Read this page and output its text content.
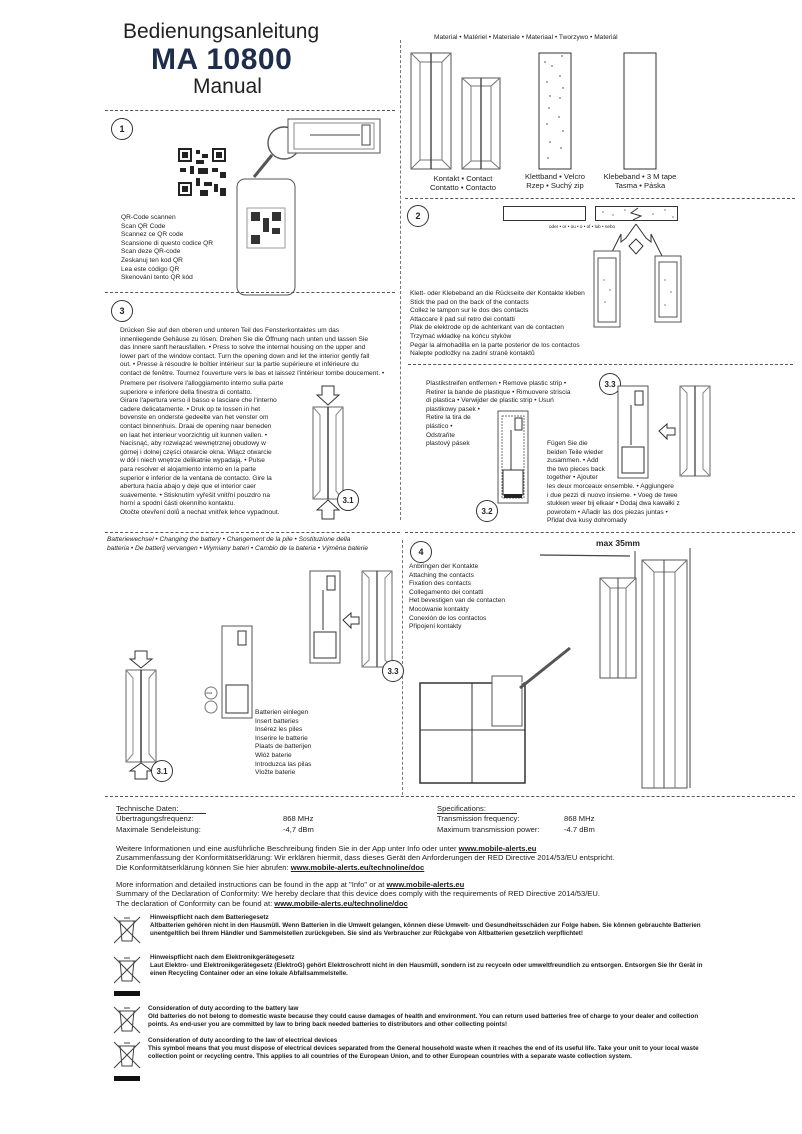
Bedienungsanleitung
MA 10800
Manual
Material • Matériel • Materiale • Materiaal • Tworzywo • Materiál
Kontakt • Contact
Contatto • Contacto
Klettband • Velcro
Rzep • Suchý zip
Klebeband • 3 M tape
Tasma • Páska
1
QR-Code scannen
Scan QR Code
Scannez ce QR code
Scansione di questo codice QR
Scan deze QR-code
Zeskanuj ten kod QR
Lea este código QR
Skenování tento QR kód
2
oder • or • ou • o • of • lub • nebo
Klett- oder Klebeband an die Rückseite der Kontakte kleben
Stick the pad on the back of the contacts
Collez le tampon sur le dos des contacts
Attaccare il pad sul retro dei contatti
Plak de elektrode op de achterkant van de contacten
Trzymać wkładkę na końcu styków
Pegar la almohadilla en la parte posterior de los contactos
Nalepte podložky na zadní straně kontaktů
3
Drücken Sie auf den oberen und unteren Teil des Fensterkontaktes um das
innenliegende Gehäuse zu lösen. Drehen Sie die Öffnung nach unten und lassen Sie
das Innere sanft herausfallen. • Press to solve the internal housing on the upper and
lower part of the window contact. Turn the opening down and let the interior gently fall
out. • Presse à résoudre le boîtier intérieur sur la partie supérieure et inférieure du
contact de fenêtre. Tournez l'ouverture vers le bas et laissez l'intérieur tombe doucement. •
Premere per risolvere l'alloggiamento interno sulla parte
superiore e inferiore della finestra di contatto.
Girare l'apertura verso il basso e lasciare che l'interno
cadere delicatamente. • Druk op te lossen in het
bovenste en onderste gedeelte van het venster om
contact binnenhuis. Draai de opening naar beneden
en laat het interieur voorzichtig uit kunnen vallen. •
Nacisnąć, aby rozwiązać wewnętrznej obudowy w
górnej i dolnej części otwarcie okna. Włącz otwarcie
w dół i niech wnętrze delikatnie wypadają. • Pulse
para resolver el alojamiento interno en la parte
superior e inferior de la ventana de contacto. Gire la
abertura hacia abajo y deje que el interior caer
suavemente. • Stisknutím vyřešit vnitřní pouzdro na
horní a spodní části okenního kontaktu.
Otočte otevření dolů a nechat vnitřek lehce vypadnout.
3.1
Plastikstreifen entfernen • Remove plastic strip •
Retirer la bande de plastique • Rimuovere striscia
di plastica • Verwijder de plastic strip • Usuń
plastikowy pasek •
Retire la tira de
plástico •
Odstraňte
plastový pásek
3.2
Fügen Sie die
beiden Teile wieder
zusammen. • Add
the two pieces back
together • Ajouter
les deux morceaux ensemble. • Aggiungere
i due pezzi di nuovo insieme. • Voeg de twee
stukken weer bij elkaar • Dodaj dwa kawałki z
powrotem • Añadir las dos piezas juntas •
Přidat dva kusy dohromady
3.3
Batteriewechsel • Changing the battery • Changement de la pile • Sostituzione della
batteria • De batterij vervangen • Wymiany bateri • Cambio de la bateria • Výměna baterie
3.3
LR44
Batterien einlegen
Insert batteries
Insérez les piles
Inserire le batterie
Plaats de batterijen
Włóż baterie
Introduzca las pilas
Vložte baterie
3.1
4
max 35mm
Anbringen der Kontakte
Attaching the contacts
Fixation des contacts
Collegamento dei contatti
Het bevestigen van de contacten
Mocowanie kontakty
Conexión de los contactos
Připojení kontakty
Technische Daten:
Übertragungsfrequenz:	868 MHz
Maximale Sendeleistung:	-4,7 dBm
Specifications:
Transmission frequency:	868 MHz
Maximum transmission power:	-4.7 dBm
Weitere Informationen und eine ausführliche Beschreibung finden Sie in der App unter Info oder unter www.mobile-alerts.eu
Zusammenfassung der Konformitätserklärung: Wir erklären hiermit, dass dieses Gerät den Anforderungen der RED Directive 2014/53/EU entspricht.
Die Konformitätserklärung können Sie hier abrufen: www.mobile-alerts.eu/technoline/doc
More information and detailed instructions can be found in the app at "Info" or at www.mobile-alerts.eu
Summary of the Declaration of Conformity: We hereby declare that this device does comply with the requirements of RED Directive 2014/53/EU.
The declaration of Conformity can be found at: www.mobile-alerts.eu/technoline/doc
Hinweispflicht nach dem Batteriegesetz
Altbatterien gehören nicht in den Hausmüll. Wenn Batterien in die Umwelt gelangen, können diese Umwelt- und Gesundheitsschäden zur Folge haben. Sie können gebrauchte Batterien unentgeltlich bei Ihrem Händler und Sammelstellen zurückgeben. Sie sind als Verbraucher zur Rückgabe von Altbatterien gesetzlich verpflichtet!
Hinweispflicht nach dem Elektronikgerätegesetz
Laut Elektro- und Elektronikgerätegesetz (ElektroG) gehört Elektroschrott nicht in den Hausmüll, sondern ist zu recyceln oder umweltfreundlich zu entsorgen. Entsorgen Sie Ihr Gerät in einen Recycling Container oder an eine lokale Abfallsammelstelle.
Consideration of duty according to the battery law
Old batteries do not belong to domestic waste because they could cause damages of health and environment. You can return used batteries free of charge to your dealer and collection points. As end-user you are committed by law to bring back needed batteries to distributors and other collecting points!
Consideration of duty according to the law of electrical devices
This symbol means that you must dispose of electrical devices separated from the General household waste when it reaches the end of its useful life. Take your unit to your local waste collection point or recycling centre. This applies to all countries of the European Union, and to other European countries with a separate waste collection system.
